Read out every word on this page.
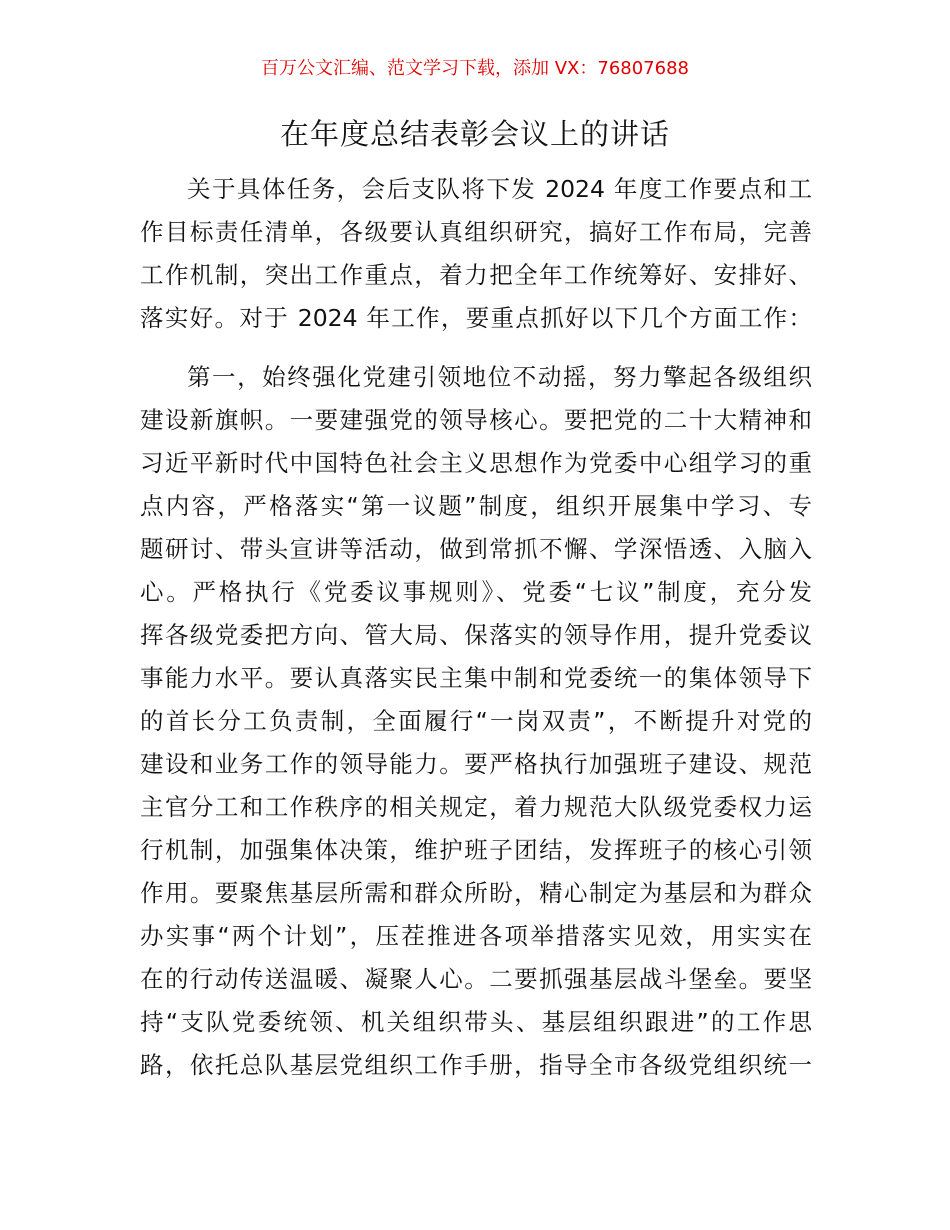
百万公文汇编、范文学习下载，添加 VX：76807688
在年度总结表彰会议上的讲话
关于具体任务，会后支队将下发 2024 年度工作要点和工
作目标责任清单，各级要认真组织研究，搞好工作布局，完善
工作机制，突出工作重点，着力把全年工作统筹好、安排好、
落实好。对于 2024 年工作，要重点抓好以下几个方面工作：
第一，始终强化党建引领地位不动摇，努力擎起各级组织
建设新旗帜。一要建强党的领导核心。要把党的二十大精神和
习近平新时代中国特色社会主义思想作为党委中心组学习的重
点内容，严格落实“第一议题”制度，组织开展集中学习、专
题研讨、带头宣讲等活动，做到常抓不懈、学深悟透、入脑入
心。严格执行《党委议事规则》、党委“七议”制度，充分发
挥各级党委把方向、管大局、保落实的领导作用，提升党委议
事能力水平。要认真落实民主集中制和党委统一的集体领导下
的首长分工负责制，全面履行“一岗双责”，不断提升对党的
建设和业务工作的领导能力。要严格执行加强班子建设、规范
主官分工和工作秩序的相关规定，着力规范大队级党委权力运
行机制，加强集体决策，维护班子团结，发挥班子的核心引领
作用。要聚焦基层所需和群众所盼，精心制定为基层和为群众
办实事“两个计划”，压茬推进各项举措落实见效，用实实在
在的行动传送温暖、凝聚人心。二要抓强基层战斗堡垒。要坚
持“支队党委统领、机关组织带头、基层组织跟进”的工作思
路，依托总队基层党组织工作手册，指导全市各级党组织统一
